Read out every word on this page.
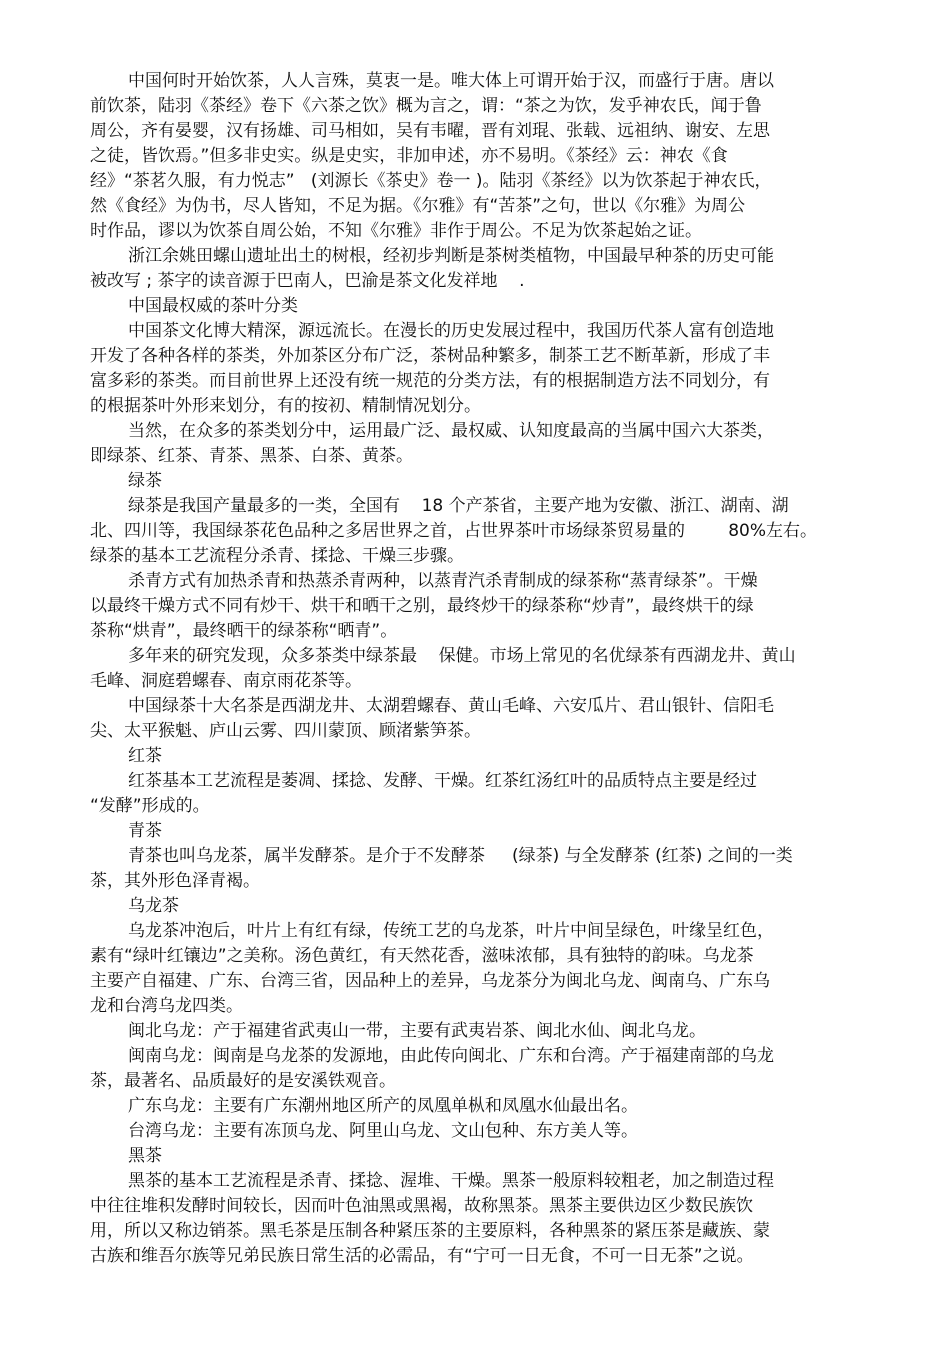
中国何时开始饮茶，人人言殊，莫衷一是。唯大体上可谓开始于汉，而盛行于唐。唐以
前饮茶，陆羽《茶经》卷下《六茶之饮》概为言之，谓：“茶之为饮，发乎神农氏，闻于鲁
周公，齐有晏婴，汉有扬雄、司马相如，吴有韦曜，晋有刘琨、张载、远祖纳、谢安、左思
之徒，皆饮焉。”但多非史实。纵是史实，非加申述，亦不易明。《茶经》云：神农《食
经》“茶茗久服，有力悦志”   (刘源长《茶史》卷一 )。陆羽《茶经》以为饮茶起于神农氏，
然《食经》为伪书，尽人皆知，不足为据。《尔雅》有“苦茶”之句，世以《尔雅》为周公
时作品，谬以为饮茶自周公始，不知《尔雅》非作于周公。不足为饮茶起始之证。
浙江余姚田螺山遗址出土的树根，经初步判断是茶树类植物，中国最早种茶的历史可能
被改写 ; 茶字的读音源于巴南人，巴渝是茶文化发祥地    .
中国最权威的茶叶分类
中国茶文化博大精深，源远流长。在漫长的历史发展过程中，我国历代茶人富有创造地
开发了各种各样的茶类，外加茶区分布广泛，茶树品种繁多，制茶工艺不断革新，形成了丰
富多彩的茶类。而目前世界上还没有统一规范的分类方法，有的根据制造方法不同划分，有
的根据茶叶外形来划分，有的按初、精制情况划分。
当然，在众多的茶类划分中，运用最广泛、最权威、认知度最高的当属中国六大茶类，
即绿茶、红茶、青茶、黑茶、白茶、黄茶。
绿茶
绿茶是我国产量最多的一类，全国有    18 个产茶省，主要产地为安徽、浙江、湖南、湖
北、四川等，我国绿茶花色品种之多居世界之首，占世界茶叶市场绿茶贸易量的        80%左右。
绿茶的基本工艺流程分杀青、揉捻、干燥三步骤。
杀青方式有加热杀青和热蒸杀青两种，以蒸青汽杀青制成的绿茶称“蒸青绿茶”。干燥
以最终干燥方式不同有炒干、烘干和晒干之别，最终炒干的绿茶称“炒青”，最终烘干的绿
茶称“烘青”，最终晒干的绿茶称“晒青”。
多年来的研究发现，众多茶类中绿茶最    保健。市场上常见的名优绿茶有西湖龙井、黄山
毛峰、洞庭碧螺春、南京雨花茶等。
中国绿茶十大名茶是西湖龙井、太湖碧螺春、黄山毛峰、六安瓜片、君山银针、信阳毛
尖、太平猴魁、庐山云雾、四川蒙顶、顾渚紫笋茶。
红茶
红茶基本工艺流程是萎凋、揉捻、发酵、干燥。红茶红汤红叶的品质特点主要是经过
“发酵”形成的。
青茶
青茶也叫乌龙茶，属半发酵茶。是介于不发酵茶     (绿茶) 与全发酵茶 (红茶) 之间的一类
茶，其外形色泽青褐。
乌龙茶
乌龙茶冲泡后，叶片上有红有绿，传统工艺的乌龙茶，叶片中间呈绿色，叶缘呈红色，
素有“绿叶红镶边”之美称。汤色黄红，有天然花香，滋味浓郁，具有独特的韵味。乌龙茶
主要产自福建、广东、台湾三省，因品种上的差异，乌龙茶分为闽北乌龙、闽南乌、广东乌
龙和台湾乌龙四类。
闽北乌龙：产于福建省武夷山一带，主要有武夷岩茶、闽北水仙、闽北乌龙。
闽南乌龙：闽南是乌龙茶的发源地，由此传向闽北、广东和台湾。产于福建南部的乌龙
茶，最著名、品质最好的是安溪铁观音。
广东乌龙：主要有广东潮州地区所产的凤凰单枞和凤凰水仙最出名。
台湾乌龙：主要有冻顶乌龙、阿里山乌龙、文山包种、东方美人等。
黑茶
黑茶的基本工艺流程是杀青、揉捻、渥堆、干燥。黑茶一般原料较粗老，加之制造过程
中往往堆积发酵时间较长，因而叶色油黑或黑褐，故称黑茶。黑茶主要供边区少数民族饮
用，所以又称边销茶。黑毛茶是压制各种紧压茶的主要原料，各种黑茶的紧压茶是藏族、蒙
古族和维吾尔族等兄弟民族日常生活的必需品，有“宁可一日无食，不可一日无茶”之说。
